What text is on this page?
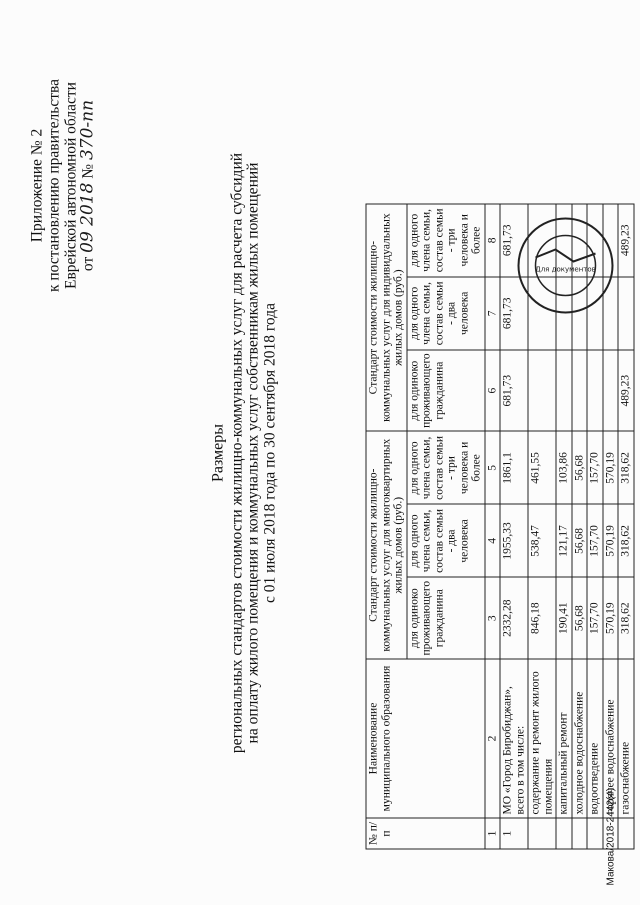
Приложение № 2 к постановлению правительства Еврейской автономной области от 09 2018 № 370-пп
Для документов
Размеры региональных стандартов стоимости жилищно-коммунальных услуг для расчета субсидий на оплату жилого помещения и коммунальных услуг собственникам жилых помещений с 01 июля 2018 года по 30 сентября 2018 года
№ п/п	Наименование муниципального образования	Стандарт стоимости жилищно-коммунальных услуг для многоквартирных жилых домов (руб.)			Стандарт стоимости жилищно-коммунальных услуг для индивидуальных жилых домов (руб.)		
		для одиноко проживающего гражданина	для одного члена семьи, состав семьи - два человека	для одного члена семьи, состав семьи - три человека и более	для одиноко проживающего гражданина	для одного члена семьи, состав семьи - два человека	для одного члена семьи, состав семьи - три человека и более
1	2	3	4	5	6	7	8
1	МО «Город Биробиджан», всего в том числе:	2332,28	1955,33	1861,1	681,73	681,73	681,73
	содержание и ремонт жилого помещения	846,18	538,47	461,55			
	капитальный ремонт	190,41	121,17	103,86			
	холодное водоснабжение	56,68	56,68	56,68			
	водоотведение	157,70	157,70	157,70			
	горячее водоснабжение	570,19	570,19	570,19			
	газоснабжение	318,62	318,62	318,62	489,23		489,23
Макова/2018-2442(4)
